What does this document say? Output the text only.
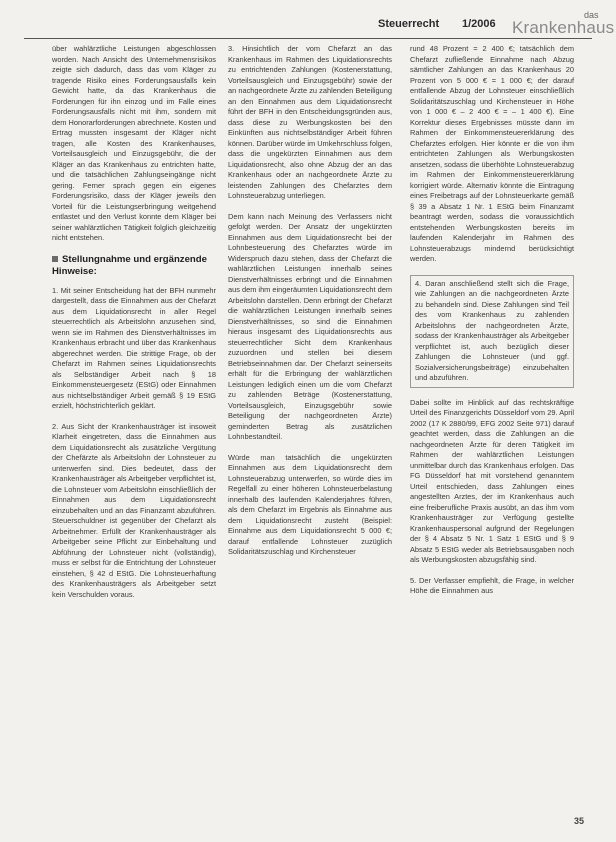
Steuerrecht 1/2006
das
Krankenhaus

über wahlärztliche Leistungen abgeschlossen worden. Nach Ansicht des Unternehmensrisikos zeigte sich dadurch, dass das vom Kläger zu tragende Risiko eines Forderungsausfalls kein Gewicht hatte, da das Krankenhaus die Forderungen für ihn einzog und im Falle eines Forderungsausfalls nicht mit ihm, sondern mit dem Honorarforderungen abrechnete. Kosten und Ertrag mussten insgesamt der Kläger nicht tragen, alle Kosten des Krankenhauses, Vorteilsausgleich und Einzugsgebühr, die der Kläger an das Krankenhaus zu entrichten hatte, und die tatsächlichen Zahlungseingänge nicht gering. Ferner sprach gegen ein eigenes Forderungsrisiko, dass der Kläger jeweils den Vorteil für die Leistungserbringung weitgehend entlastet und den Verlust konnte dem Kläger bei seiner wahlärztlichen Tätigkeit folglich gleichzeitig nicht entstehen.

Stellungnahme und ergänzende Hinweise:

1. Mit seiner Entscheidung hat der BFH nunmehr dargestellt, dass die Einnahmen aus der Chefarzt aus dem Liquidationsrecht in aller Regel steuerrechtlich als Arbeitslohn anzusehen sind, wenn sie im Rahmen des Dienstverhältnisses im Krankenhaus erbracht und über das Krankenhaus abgerechnet werden. Die strittige Frage, ob der Chefarzt im Rahmen seines Liquidationsrechts als Selbständiger Arbeit nach § 18 Einkommensteuergesetz (EStG) oder Einnahmen aus nichtselbständiger Arbeit gemäß § 19 EStG erzielt, höchstrichterlich geklärt.

2. Aus Sicht der Krankenhausträger ist insoweit Klarheit eingetreten, dass die Einnahmen aus dem Liquidationsrecht als zusätzliche Vergütung der Chefärzte als Arbeitslohn der Lohnsteuer zu unterwerfen sind. Dies bedeutet, dass der Krankenhausträger als Arbeitgeber verpflichtet ist, die Lohnsteuer vom Arbeitslohn einschließlich der Einnahmen aus dem Liquidationsrecht einzubehalten und an das Finanzamt abzuführen. Steuerschuldner ist gegenüber der Chefarzt als Arbeitnehmer. Erfüllt der Krankenhausträger als Arbeitgeber seine Pflicht zur Einbehaltung und Abführung der Lohnsteuer nicht (vollständig), muss er selbst für die Entrichtung der Lohnsteuer einstehen, § 42 d EStG. Die Lohnsteuerhaftung des Krankenhausträgers als Arbeitgeber setzt kein Verschulden voraus.

3. Hinsichtlich der vom Chefarzt an das Krankenhaus im Rahmen des Liquidationsrechts zu entrichtenden Zahlungen (Kostenerstattung, Vorteilsausgleich und Einzugsgebühr) sowie der an nachgeordnete Ärzte zu zahlenden Beteiligung an den Einnahmen aus dem Liquidationsrecht führt der BFH in den Entscheidungsgründen aus, dass diese zu Werbungskosten bei den Einkünften aus nichtselbständiger Arbeit führen können. Darüber würde im Umkehrschluss folgen, dass die ungekürzten Einnahmen aus dem Liquidationsrecht, also ohne Abzug der an das Krankenhaus oder an nachgeordnete Ärzte zu leistenden Zahlungen des Chefarztes dem Lohnsteuerabzug unterliegen.

Dem kann nach Meinung des Verfassers nicht gefolgt werden. Der Ansatz der ungekürzten Einnahmen aus dem Liquidationsrecht bei der Lohnbesteuerung des Chefarztes würde im Widerspruch dazu stehen, dass der Chefarzt die wahlärztlichen Leistungen innerhalb seines Dienstverhältnisses erbringt und die Einnahmen aus dem ihm eingeräumten Liquidationsrecht dem Arbeitslohn darstellen. Denn erbringt der Chefarzt die wahlärztlichen Leistungen innerhalb seines Dienstverhältnisses, so sind die Einnahmen hieraus insgesamt des Liquidationsrechts aus steuerrechtlicher Sicht dem Krankenhaus zuzuordnen und stellen bei diesem Betriebseinnahmen dar. Der Chefarzt seinerseits erhält für die Erbringung der wahlärztlichen Leistungen lediglich einen um die vom Chefarzt zu zahlenden Beträge (Kostenerstattung, Vorteilsausgleich, Einzugsgebühr sowie Beteiligung der nachgeordneten Ärzte) geminderten Betrag als zusätzlichen Lohnbestandteil.

Würde man tatsächlich die ungekürzten Einnahmen aus dem Liquidationsrecht dem Lohnsteuerabzug unterwerfen, so würde dies im Regelfall zu einer höheren Lohnsteuerbelastung innerhalb des laufenden Kalenderjahres führen, als dem Chefarzt im Ergebnis als Einnahme aus dem Liquidationsrecht zusteht (Beispiel: Einnahme aus dem Liquidationsrecht 5 000 €; darauf entfallende Lohnsteuer zuzüglich Solidaritätszuschlag und Kirchensteuer

rund 48 Prozent = 2 400 €; tatsächlich dem Chefarzt zufließende Einnahme nach Abzug sämtlicher Zahlungen an das Krankenhaus 20 Prozent von 5 000 € = 1 000 €; der darauf entfallende Abzug der Lohnsteuer einschließlich Solidaritätszuschlag und Kirchensteuer in Höhe von 1 000 € – 2 400 € = – 1 400 €). Eine Korrektur dieses Ergebnisses müsste dann im Rahmen der Einkommensteuererklärung des Chefarztes erfolgen. Hier könnte er die von ihm entrichteten Zahlungen als Werbungskosten ansetzen, sodass die überhöhte Lohnsteuerabzug im Rahmen der Einkommensteuererklärung korrigiert würde. Alternativ könnte die Eintragung eines Freibetrags auf der Lohnsteuerkarte gemäß § 39 a Absatz 1 Nr. 1 EStG beim Finanzamt beantragt werden, sodass die voraussichtlich entstehenden Werbungskosten bereits im laufenden Kalenderjahr im Rahmen des Lohnsteuerabzugs mindernd berücksichtigt werden.

4. Daran anschließend stellt sich die Frage, wie Zahlungen an die nachgeordneten Ärzte zu behandeln sind. Diese Zahlungen sind Teil des vom Krankenhaus zu zahlenden Arbeitslohns der nachgeordneten Ärzte, sodass der Krankenhausträger als Arbeitgeber verpflichtet ist, auch bezüglich dieser Zahlungen die Lohnsteuer (und ggf. Sozialversicherungsbeiträge) einzubehalten und abzuführen.

Dabei sollte im Hinblick auf das rechtskräftige Urteil des Finanzgerichts Düsseldorf vom 29. April 2002 (17 K 2880/99, EFG 2002 Seite 971) darauf geachtet werden, dass die Zahlungen an die nachgeordneten Ärzte für deren Tätigkeit im Rahmen der wahlärztlichen Leistungen unmittelbar durch das Krankenhaus erfolgen. Das FG Düsseldorf hat mit vorstehend genanntem Urteil entschieden, dass Zahlungen eines angestellten Arztes, der im Krankenhaus auch eine freiberufliche Praxis ausübt, an das ihm vom Krankenhausträger zur Verfügung gestellte Krankenhauspersonal aufgrund der Regelungen der § 4 Absatz 5 Nr. 1 Satz 1 EStG und § 9 Absatz 5 EStG weder als Betriebsausgaben noch als Werbungskosten abzugsfähig sind.

5. Der Verfasser empfiehlt, die Frage, in welcher Höhe die Einnahmen aus

35
